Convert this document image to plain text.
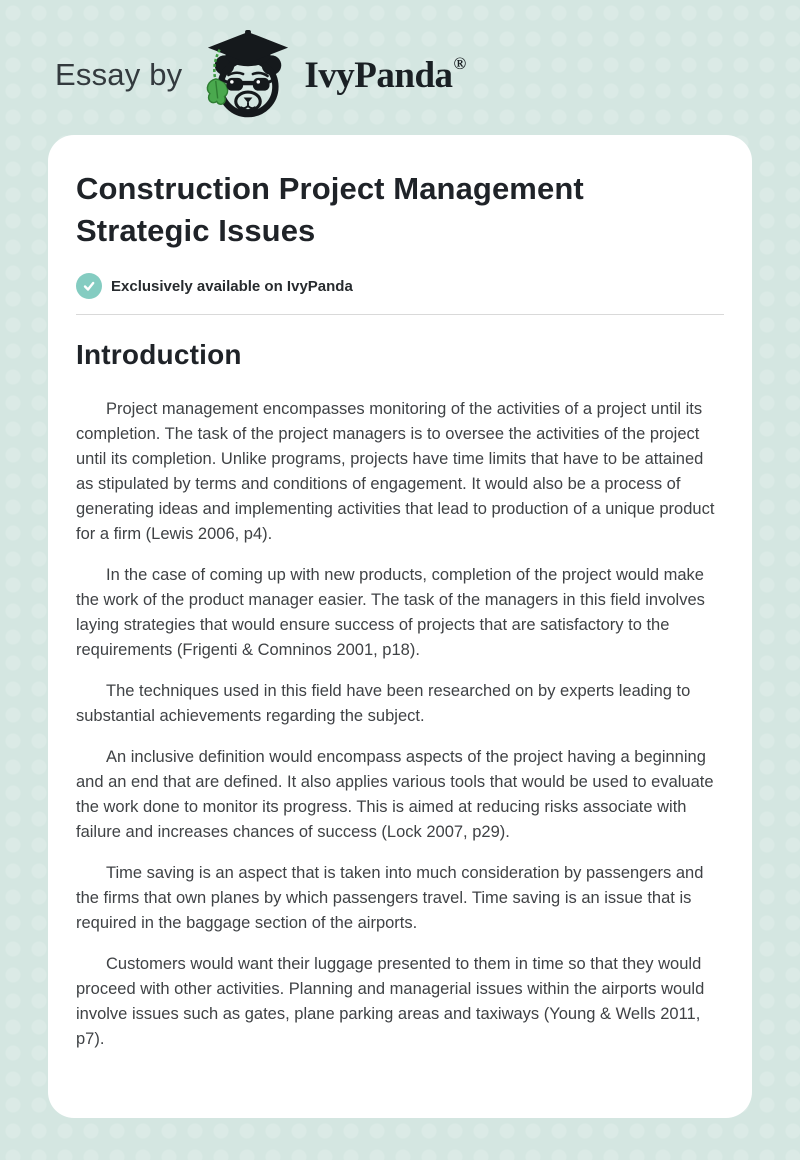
Essay by	IvyPanda®
Construction Project Management Strategic Issues
Exclusively available on IvyPanda
Introduction

Project management encompasses monitoring of the activities of a project until its completion. The task of the project managers is to oversee the activities of the project until its completion. Unlike programs, projects have time limits that have to be attained as stipulated by terms and conditions of engagement. It would also be a process of generating ideas and implementing activities that lead to production of a unique product for a firm (Lewis 2006, p4).

In the case of coming up with new products, completion of the project would make the work of the product manager easier. The task of the managers in this field involves laying strategies that would ensure success of projects that are satisfactory to the requirements (Frigenti & Comninos 2001, p18).

The techniques used in this field have been researched on by experts leading to substantial achievements regarding the subject.

An inclusive definition would encompass aspects of the project having a beginning and an end that are defined. It also applies various tools that would be used to evaluate the work done to monitor its progress. This is aimed at reducing risks associate with failure and increases chances of success (Lock 2007, p29).

Time saving is an aspect that is taken into much consideration by passengers and the firms that own planes by which passengers travel. Time saving is an issue that is required in the baggage section of the airports.

Customers would want their luggage presented to them in time so that they would proceed with other activities. Planning and managerial issues within the airports would involve issues such as gates, plane parking areas and taxiways (Young & Wells 2011, p7).
